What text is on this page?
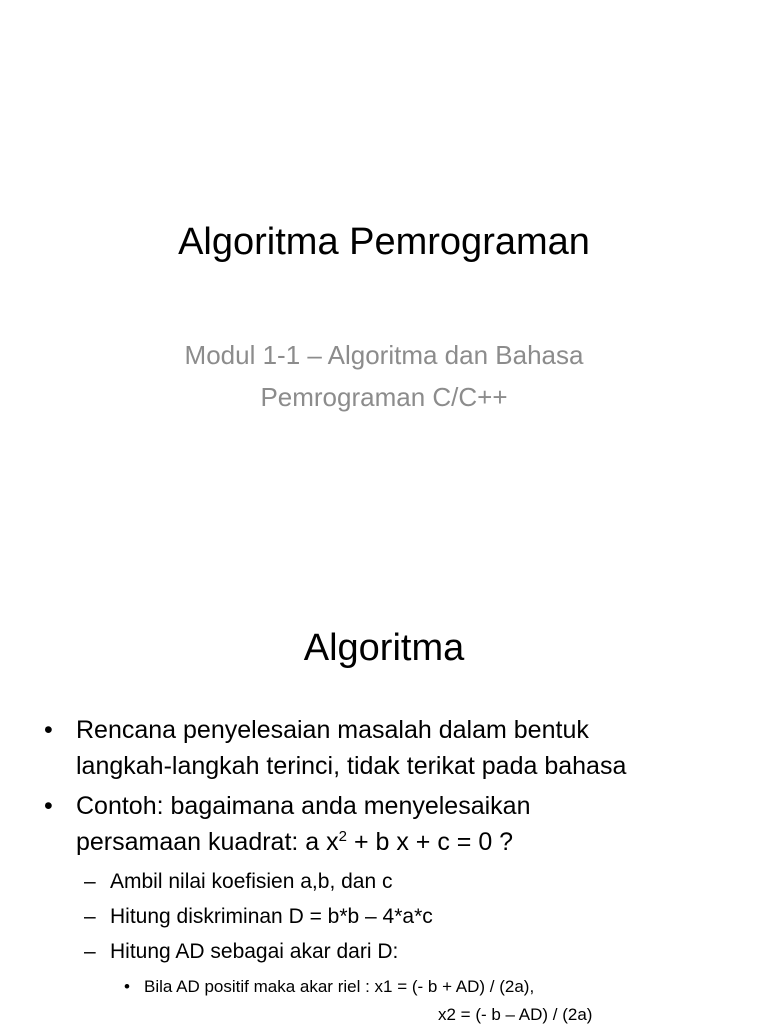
Algoritma Pemrograman
Modul 1-1 – Algoritma dan Bahasa
Pemrograman C/C++
Algoritma
• Rencana penyelesaian masalah dalam bentuk
langkah-langkah terinci, tidak terikat pada bahasa
• Contoh: bagaimana anda menyelesaikan
persamaan kuadrat: a $x^2 + b$ x + c = 0 ?
– Ambil nilai koefisien a,b, dan c
– Hitung diskriminan D = b*b – 4*a*c
– Hitung AD sebagai akar dari D:
• Bila AD positif maka akar riel : x1 = (- b + AD) / (2a),
x2 = (- b – AD) / (2a)
